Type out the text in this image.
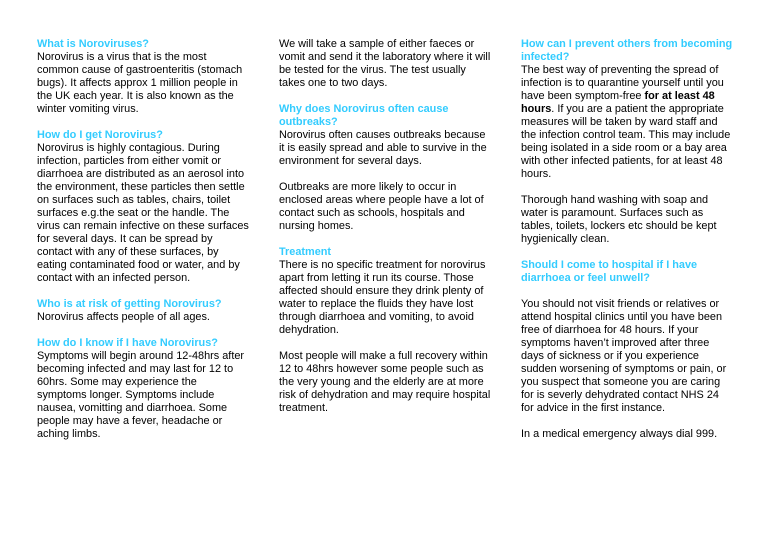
What is Noroviruses?

Norovirus is a virus that is the most common cause of gastroenteritis (stomach bugs). It affects approx 1 million people in the UK each year. It is also known as the winter vomiting virus.

How do I get Norovirus?

Norovirus is highly contagious. During infection, particles from either vomit or diarrhoea are distributed as an aerosol into the environment, these particles then settle on surfaces such as tables, chairs, toilet surfaces e.g.the seat or the handle. The virus can remain infective on these surfaces for several days. It can be spread by contact with any of these surfaces, by eating contaminated food or water, and by contact with an infected person.

Who is at risk of getting Norovirus?

Norovirus affects people of all ages.

How do I know if I have Norovirus?

Symptoms will begin around 12-48hrs after becoming infected and may last for 12 to 60hrs. Some may experience the symptoms longer. Symptoms include nausea, vomitting and diarrhoea. Some people may have a fever, headache or aching limbs.

We will take a sample of either faeces or vomit and send it the laboratory where it will be tested for the virus. The test usually takes one to two days.

Why does Norovirus often cause outbreaks?

Norovirus often causes outbreaks because it is easily spread and able to survive in the environment for several days.

Outbreaks are more likely to occur in enclosed areas where people have a lot of contact such as schools, hospitals and nursing homes.

Treatment

There is no specific treatment for norovirus apart from letting it run its course. Those affected should ensure they drink plenty of water to replace the fluids they have lost through diarrhoea and vomiting, to avoid dehydration.

Most people will make a full recovery within 12 to 48hrs however some people such as the very young and the elderly are at more risk of dehydration and may require hospital treatment.

How can I prevent others from becoming infected?

The best way of preventing the spread of infection is to quarantine yourself until you have been symptom-free for at least 48 hours. If you are a patient the appropriate measures will be taken by ward staff and the infection control team. This may include being isolated in a side room or a bay area with other infected patients, for at least 48 hours.

Thorough hand washing with soap and water is paramount. Surfaces such as tables, toilets, lockers etc should be kept hygienically clean.

Should I come to hospital if I have diarrhoea or feel unwell?

You should not visit friends or relatives or attend hospital clinics until you have been free of diarrhoea for 48 hours. If your symptoms haven’t improved after three days of sickness or if you experience sudden worsening of symptoms or pain, or you suspect that someone you are caring for is severly dehydrated contact NHS 24 for advice in the first instance.

In a medical emergency always dial 999.
